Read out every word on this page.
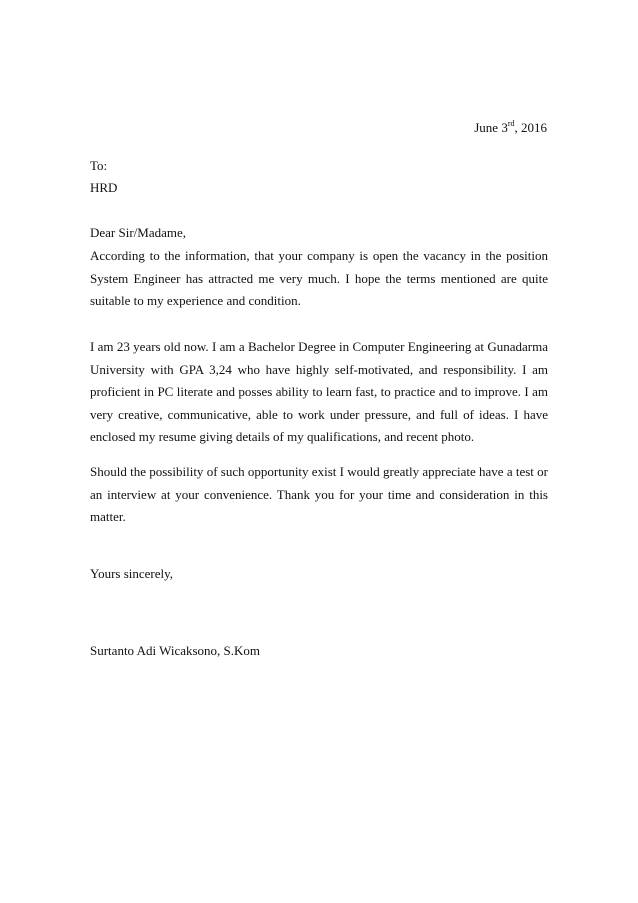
June 3rd, 2016
To:
HRD
Dear Sir/Madame,
According to the information, that your company is open the vacancy in the position
System Engineer has attracted me very much. I hope the terms mentioned are quite
suitable to my experience and condition.
I am 23 years old now. I am a Bachelor Degree in Computer Engineering at Gunadarma
University with GPA 3,24 who have highly self-motivated, and responsibility. I am
proficient in PC literate and posses ability to learn fast, to practice and to improve. I am
very creative, communicative, able to work under pressure, and full of ideas. I have
enclosed my resume giving details of my qualifications, and recent photo.
Should the possibility of such opportunity exist I would greatly appreciate have a test or
an interview at your convenience. Thank you for your time and consideration in this
matter.
Yours sincerely,
Surtanto Adi Wicaksono, S.Kom
